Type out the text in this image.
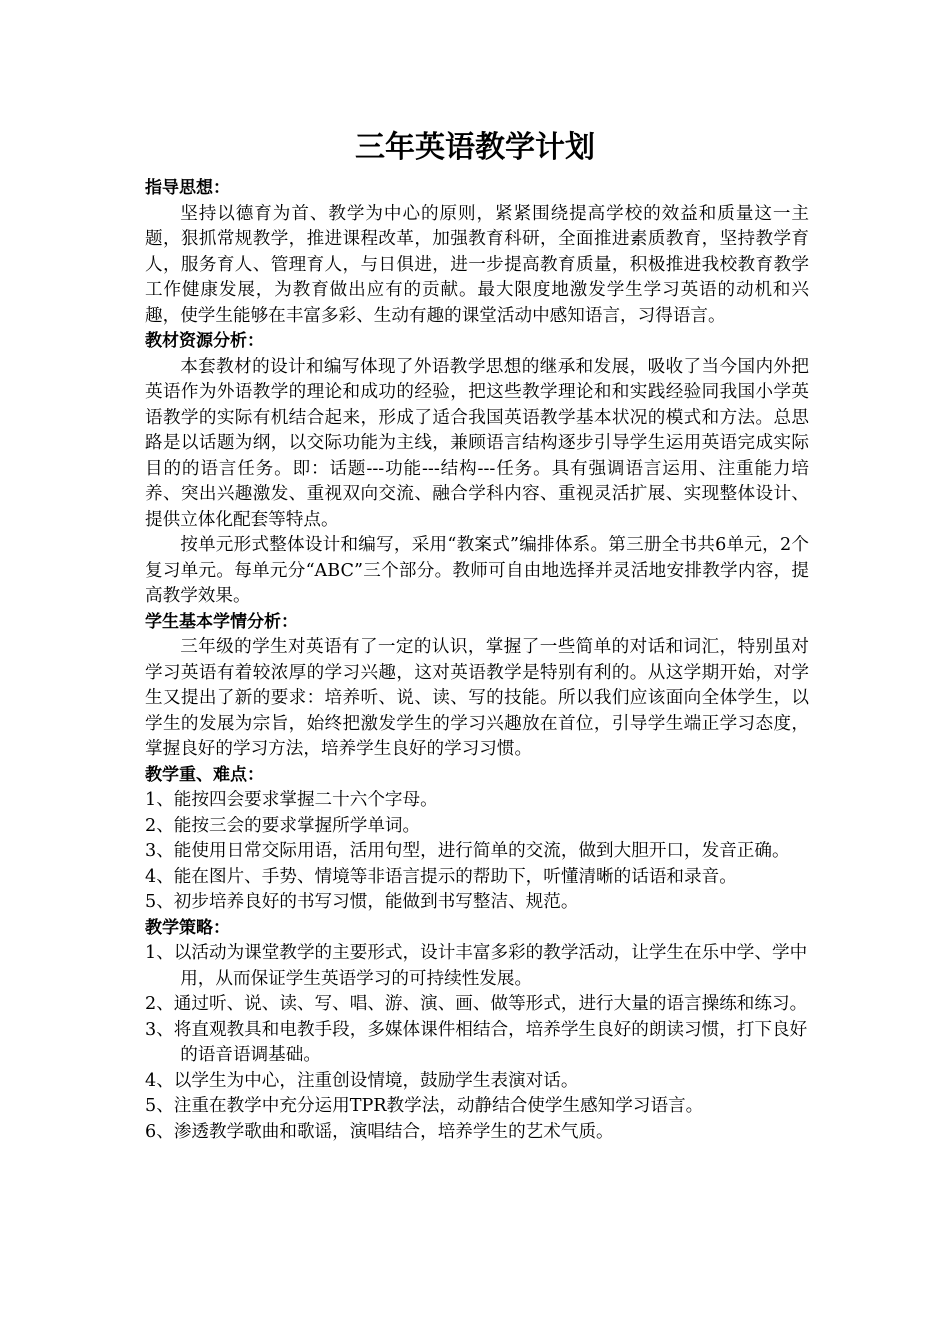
三年英语教学计划

指导思想：

坚持以德育为首、教学为中心的原则，紧紧围绕提高学校的效益和质量这一主题，狠抓常规教学，推进课程改革，加强教育科研，全面推进素质教育，坚持教学育人，服务育人、管理育人，与日俱进，进一步提高教育质量，积极推进我校教育教学工作健康发展，为教育做出应有的贡献。最大限度地激发学生学习英语的动机和兴趣，使学生能够在丰富多彩、生动有趣的课堂活动中感知语言，习得语言。

教材资源分析：

本套教材的设计和编写体现了外语教学思想的继承和发展，吸收了当今国内外把英语作为外语教学的理论和成功的经验，把这些教学理论和和实践经验同我国小学英语教学的实际有机结合起来，形成了适合我国英语教学基本状况的模式和方法。总思路是以话题为纲，以交际功能为主线，兼顾语言结构逐步引导学生运用英语完成实际目的的语言任务。即：话题---功能---结构---任务。具有强调语言运用、注重能力培养、突出兴趣激发、重视双向交流、融合学科内容、重视灵活扩展、实现整体设计、提供立体化配套等特点。

按单元形式整体设计和编写，采用“教案式”编排体系。第三册全书共6单元，2个复习单元。每单元分“ABC”三个部分。教师可自由地选择并灵活地安排教学内容，提高教学效果。

学生基本学情分析：

三年级的学生对英语有了一定的认识，掌握了一些简单的对话和词汇，特别虽对学习英语有着较浓厚的学习兴趣，这对英语教学是特别有利的。从这学期开始，对学生又提出了新的要求：培养听、说、读、写的技能。所以我们应该面向全体学生，以学生的发展为宗旨，始终把激发学生的学习兴趣放在首位，引导学生端正学习态度，掌握良好的学习方法，培养学生良好的学习习惯。

教学重、难点：

1、能按四会要求掌握二十六个字母。
2、能按三会的要求掌握所学单词。
3、能使用日常交际用语，活用句型，进行简单的交流，做到大胆开口，发音正确。
4、能在图片、手势、情境等非语言提示的帮助下，听懂清晰的话语和录音。
5、初步培养良好的书写习惯，能做到书写整洁、规范。

教学策略：

1、以活动为课堂教学的主要形式，设计丰富多彩的教学活动，让学生在乐中学、学中用，从而保证学生英语学习的可持续性发展。
2、通过听、说、读、写、唱、游、演、画、做等形式，进行大量的语言操练和练习。
3、将直观教具和电教手段，多媒体课件相结合，培养学生良好的朗读习惯，打下良好的语音语调基础。
4、以学生为中心，注重创设情境，鼓励学生表演对话。
5、注重在教学中充分运用TPR教学法，动静结合使学生感知学习语言。
6、渗透教学歌曲和歌谣，演唱结合，培养学生的艺术气质。
